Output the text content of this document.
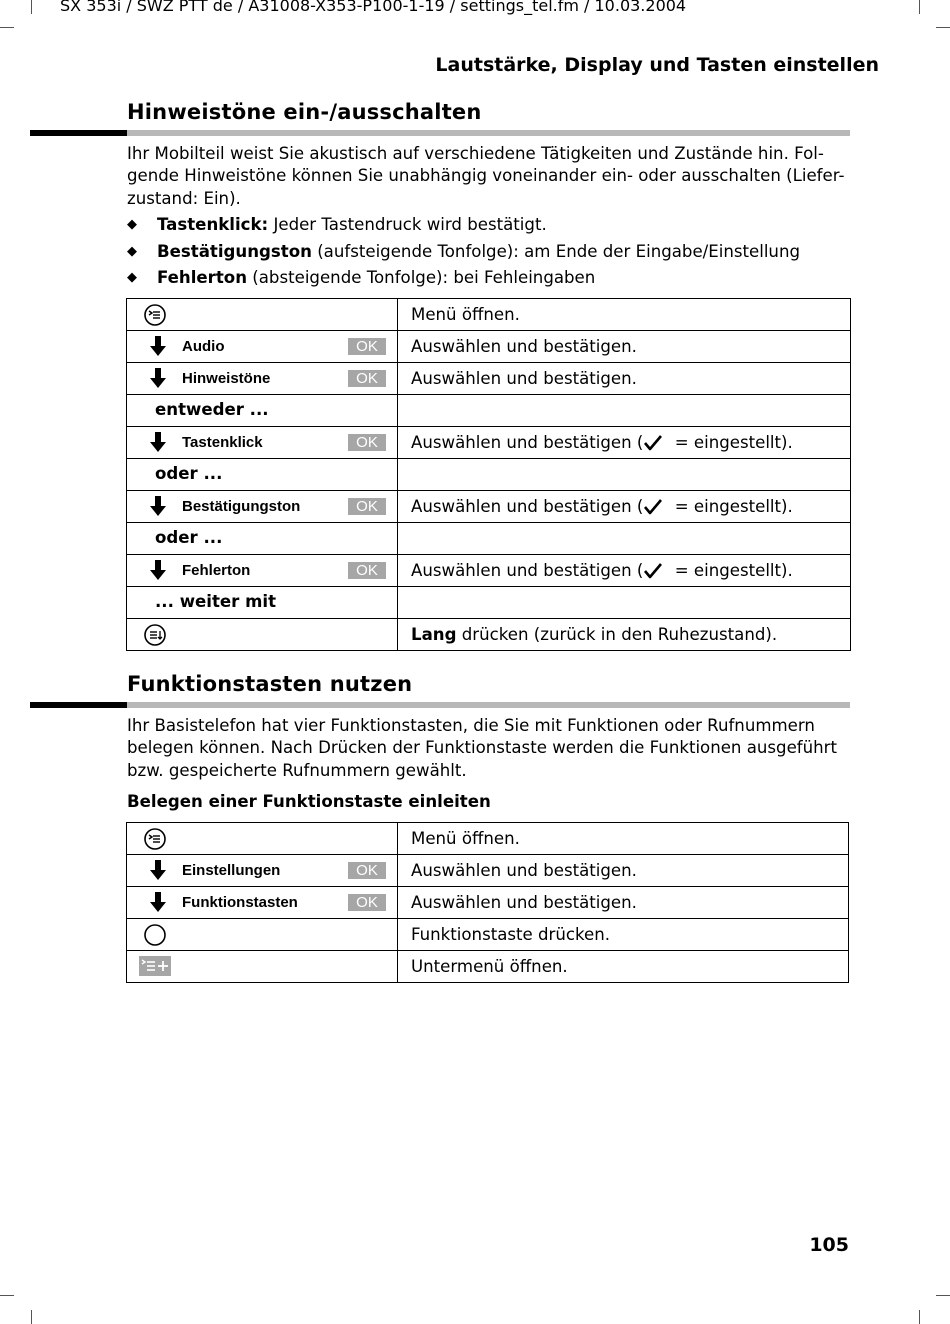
SX 353i / SWZ PTT de / A31008-X353-P100-1-19 / settings_tel.fm / 10.03.2004
Lautstärke, Display und Tasten einstellen
Hinweistöne ein-/ausschalten
Ihr Mobilteil weist Sie akustisch auf verschiedene Tätigkeiten und Zustände hin. Fol-
gende Hinweistöne können Sie unabhängig voneinander ein- oder ausschalten (Liefer-
zustand: Ein).
◆ Tastenklick: Jeder Tastendruck wird bestätigt.
◆ Bestätigungston (aufsteigende Tonfolge): am Ende der Eingabe/Einstellung
◆ Fehlerton (absteigende Tonfolge): bei Fehleingaben
	Menü öffnen.

Audio OK	Auswählen und bestätigen.

Hinweistöne OK	Auswählen und bestätigen.

entweder ...	

Tastenklick OK	Auswählen und bestätigen ( = eingestellt).

oder ...	

Bestätigungston OK	Auswählen und bestätigen ( = eingestellt).

oder ...	

Fehlerton OK	Auswählen und bestätigen ( = eingestellt).

... weiter mit	

	Lang drücken (zurück in den Ruhezustand).
Funktionstasten nutzen
Ihr Basistelefon hat vier Funktionstasten, die Sie mit Funktionen oder Rufnummern
belegen können. Nach Drücken der Funktionstaste werden die Funktionen ausgeführt
bzw. gespeicherte Rufnummern gewählt.
Belegen einer Funktionstaste einleiten
	Menü öffnen.

Einstellungen OK	Auswählen und bestätigen.

Funktionstasten OK	Auswählen und bestätigen.

	Funktionstaste drücken.

	Untermenü öffnen.
105
